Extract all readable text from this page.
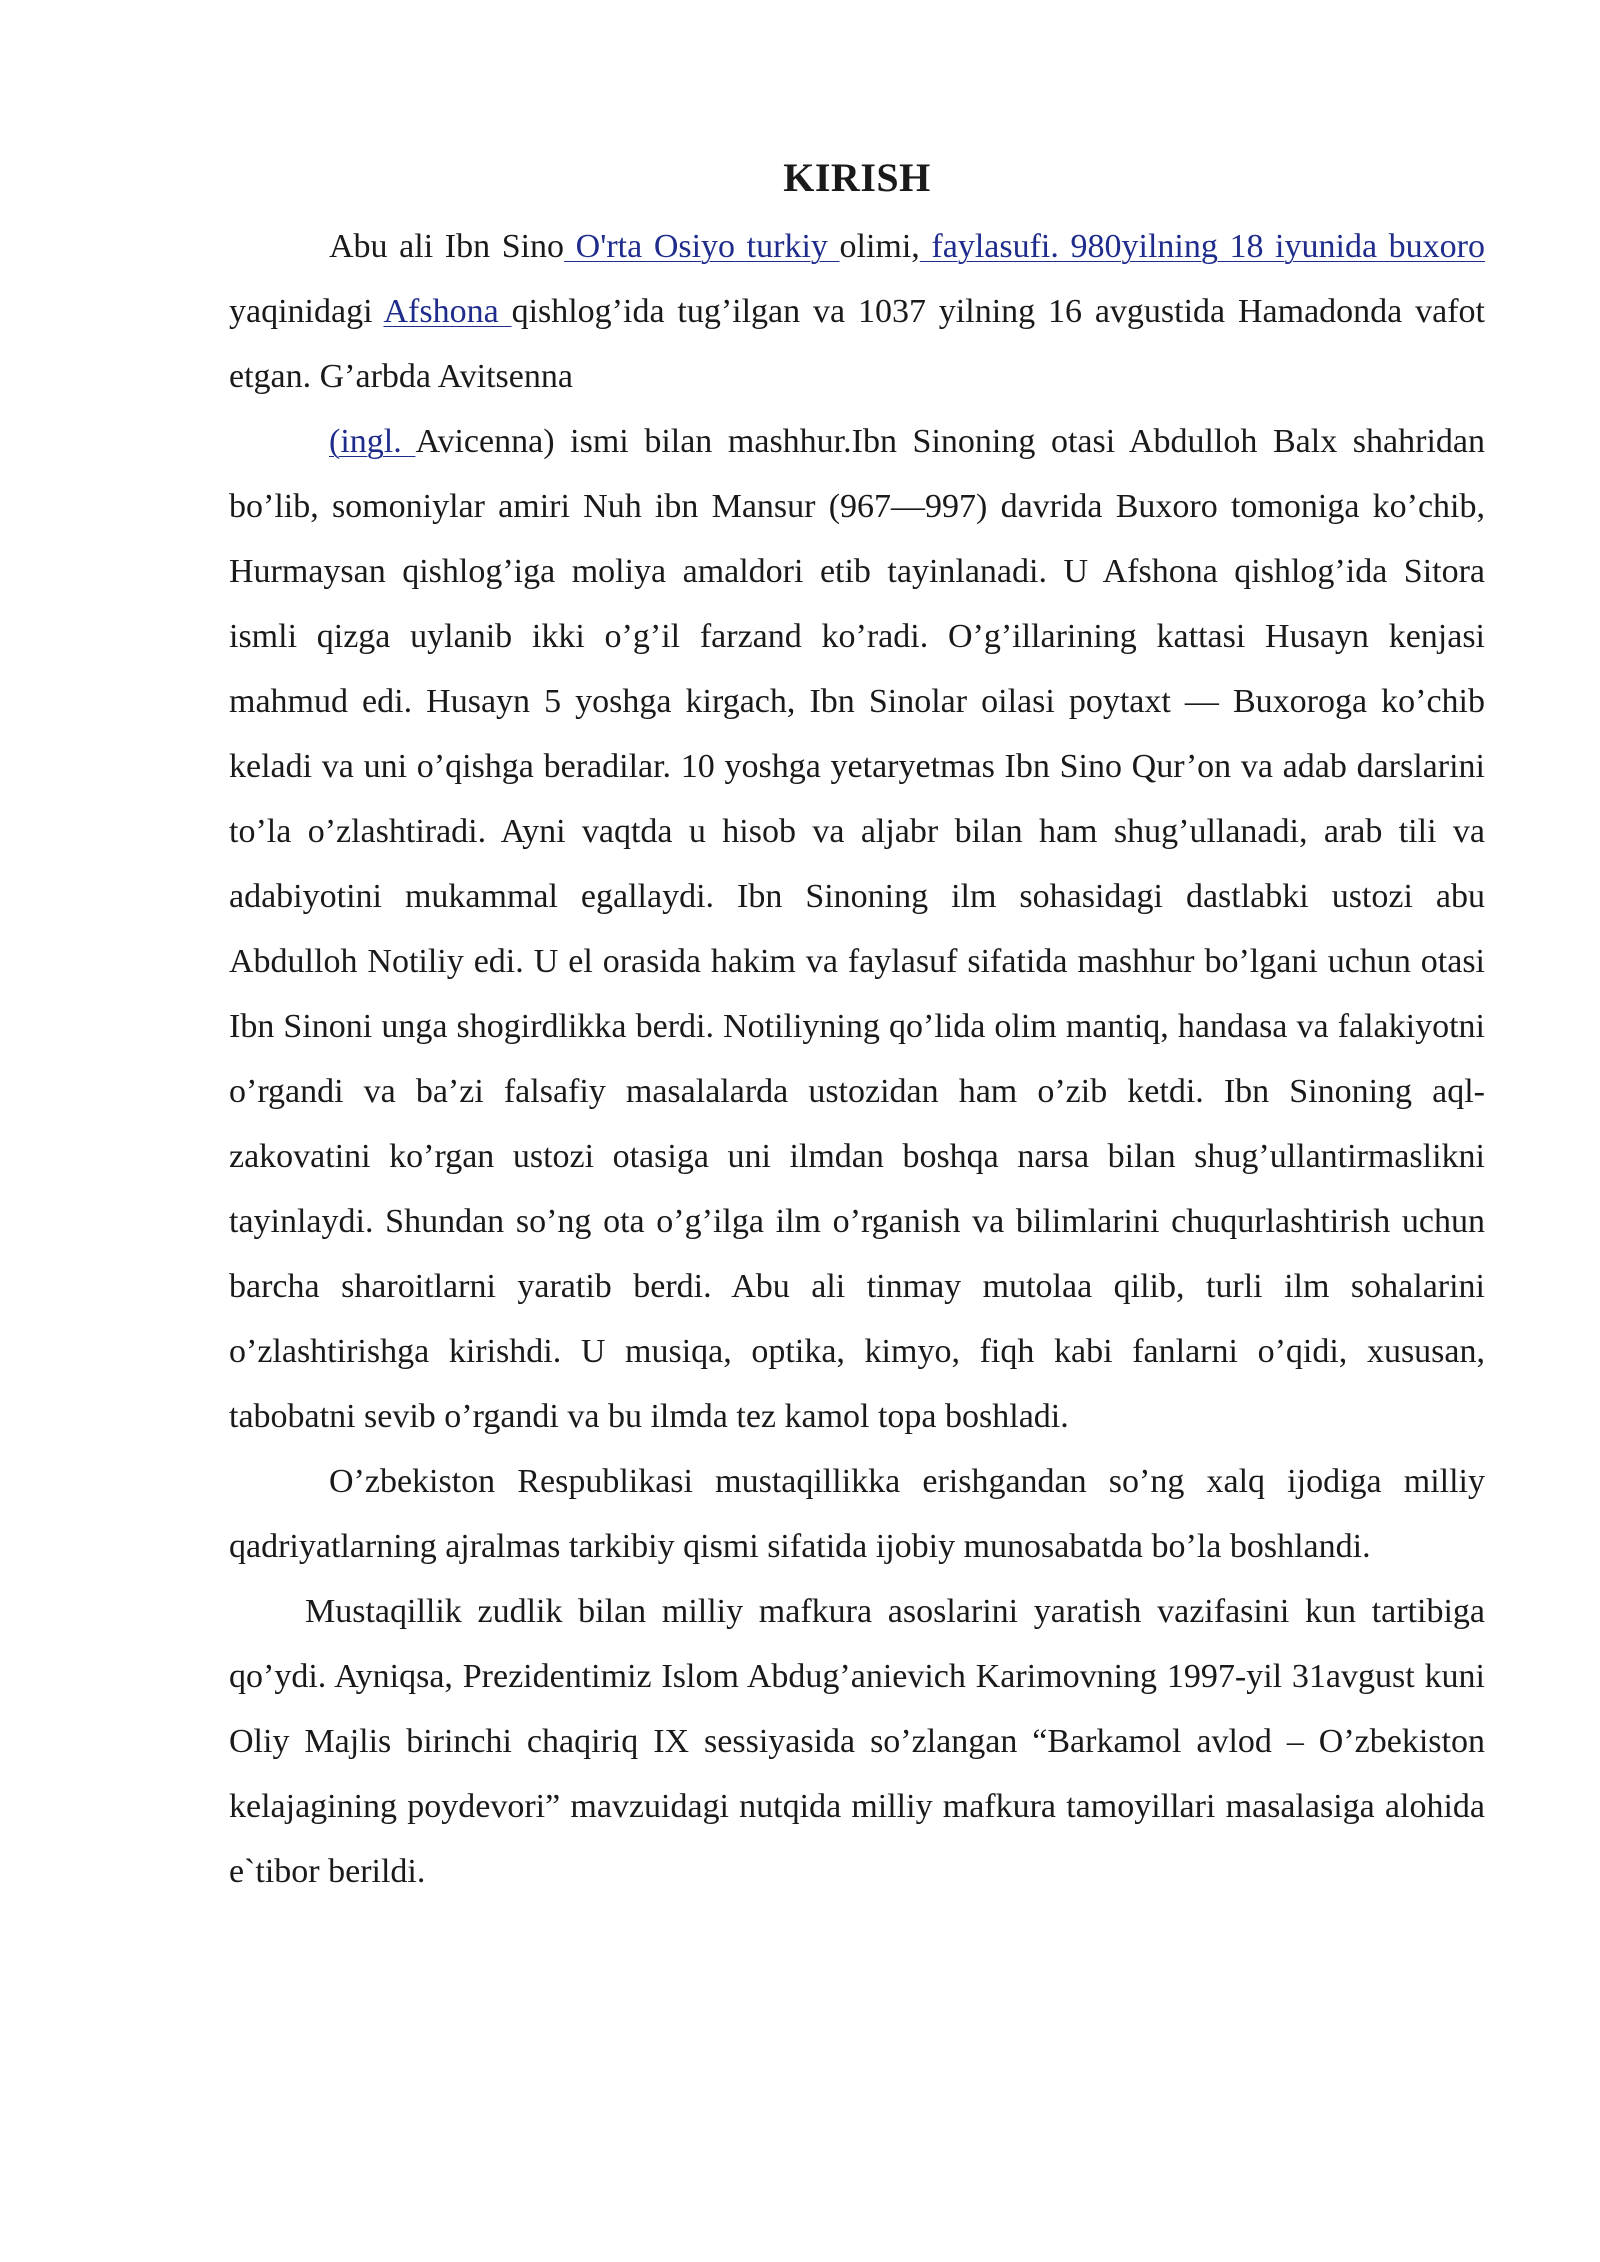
KIRISH

Abu ali Ibn Sino O'rta Osiyo turkiy olimi, faylasufi. 980yilning 18 iyunida buxoro yaqinidagi Afshona qishlog’ida tug’ilgan va 1037 yilning 16 avgustida Hamadonda vafot etgan. G’arbda Avitsenna

(ingl. Avicenna) ismi bilan mashhur.Ibn Sinoning otasi Abdulloh Balx shahridan bo’lib, somoniylar amiri Nuh ibn Mansur (967—997) davrida Buxoro tomoniga ko’chib, Hurmaysan qishlog’iga moliya amaldori etib tayinlanadi. U Afshona qishlog’ida Sitora ismli qizga uylanib ikki o’g’il farzand ko’radi. O’g’illarining kattasi Husayn kenjasi mahmud edi. Husayn 5 yoshga kirgach, Ibn Sinolar oilasi poytaxt — Buxoroga ko’chib keladi va uni o’qishga beradilar. 10 yoshga yetaryetmas Ibn Sino Qur’on va adab darslarini to’la o’zlashtiradi. Ayni vaqtda u hisob va aljabr bilan ham shug’ullanadi, arab tili va adabiyotini mukammal egallaydi. Ibn Sinoning ilm sohasidagi dastlabki ustozi abu Abdulloh Notiliy edi. U el orasida hakim va faylasuf sifatida mashhur bo’lgani uchun otasi Ibn Sinoni unga shogirdlikka berdi. Notiliyning qo’lida olim mantiq, handasa va falakiyotni o’rgandi va ba’zi falsafiy masalalarda ustozidan ham o’zib ketdi. Ibn Sinoning aql-zakovatini ko’rgan ustozi otasiga uni ilmdan boshqa narsa bilan shug’ullantirmaslikni tayinlaydi. Shundan so’ng ota o’g’ilga ilm o’rganish va bilimlarini chuqurlashtirish uchun barcha sharoitlarni yaratib berdi. Abu ali tinmay mutolaa qilib, turli ilm sohalarini o’zlashtirishga kirishdi. U musiqa, optika, kimyo, fiqh kabi fanlarni o’qidi, xususan, tabobatni sevib o’rgandi va bu ilmda tez kamol topa boshladi.

O’zbekiston Respublikasi mustaqillikka erishgandan so’ng xalq ijodiga milliy qadriyatlarning ajralmas tarkibiy qismi sifatida ijobiy munosabatda bo’la boshlandi.

Mustaqillik zudlik bilan milliy mafkura asoslarini yaratish vazifasini kun tartibiga qo’ydi. Ayniqsa, Prezidentimiz Islom Abdug’anievich Karimovning 1997-yil 31avgust kuni Oliy Majlis birinchi chaqiriq IX sessiyasida so’zlangan “Barkamol avlod – O’zbekiston kelajagining poydevori” mavzuidagi nutqida milliy mafkura tamoyillari masalasiga alohida e`tibor berildi.
